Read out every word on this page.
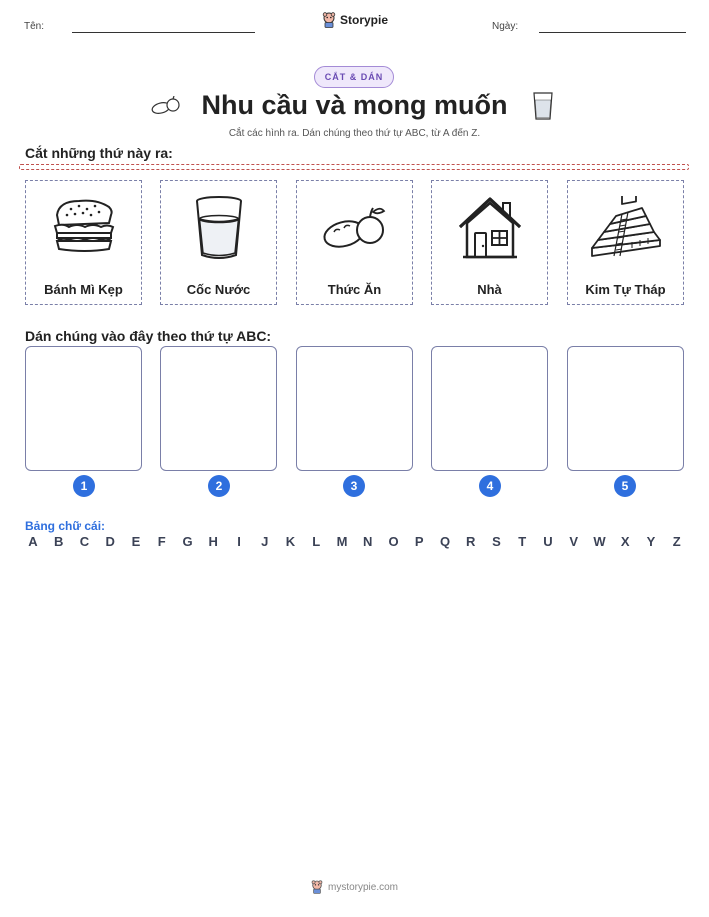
Tên:	Storypie	Ngày:
CẮT & DÁN
Nhu cầu và mong muốn
Cắt các hình ra. Dán chúng theo thứ tự ABC, từ A đến Z.
Cắt những thứ này ra:
Bánh Mì Kẹp	Cốc Nước	Thức Ăn	Nhà	Kim Tự Tháp
Dán chúng vào đây theo thứ tự ABC:
1	2	3	4	5
Bảng chữ cái:
A B C D E	F	G H	I	J	K	L	M N O P Q R S	T	U V W X Y	Z
mystorypie.com
